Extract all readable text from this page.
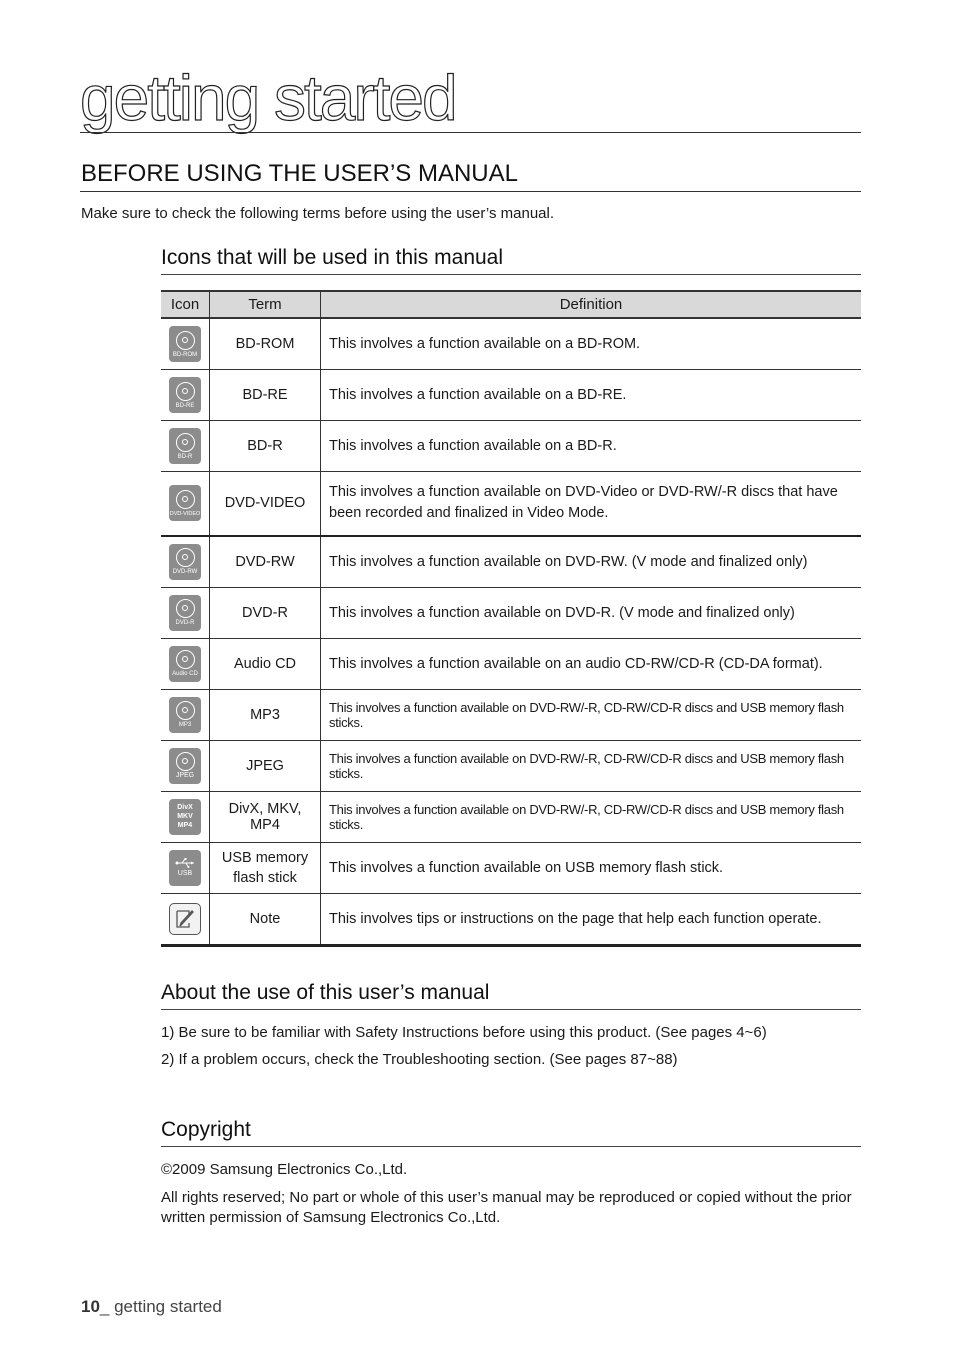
getting started
BEFORE USING THE USER’S MANUAL
Make sure to check the following terms before using the user’s manual.
Icons that will be used in this manual
Icon	Term	Definition

BD-ROM	BD-ROM	This involves a function available on a BD-ROM.

BD-RE	BD-RE	This involves a function available on a BD-RE.

BD-R	BD-R	This involves a function available on a BD-R.

DVD-VIDEO	DVD-VIDEO	This involves a function available on DVD-Video or DVD-RW/-R discs that have been recorded and finalized in Video Mode.

DVD-RW	DVD-RW	This involves a function available on DVD-RW. (V mode and finalized only)

DVD-R	DVD-R	This involves a function available on DVD-R. (V mode and finalized only)

Audio CD	Audio CD	This involves a function available on an audio CD-RW/CD-R (CD-DA format).

MP3	MP3	This involves a function available on DVD-RW/-R, CD-RW/CD-R discs and USB memory flash sticks.

JPEG	JPEG	This involves a function available on DVD-RW/-R, CD-RW/CD-R discs and USB memory flash sticks.

DivX MKV MP4	DivX, MKV, MP4	This involves a function available on DVD-RW/-R, CD-RW/CD-R discs and USB memory flash sticks.

USB	USB memory flash stick	This involves a function available on USB memory flash stick.

	Note	This involves tips or instructions on the page that help each function operate.
About the use of this user’s manual
1) Be sure to be familiar with Safety Instructions before using this product. (See pages 4~6)
2) If a problem occurs, check the Troubleshooting section. (See pages 87~88)
Copyright
©2009 Samsung Electronics Co.,Ltd.
All rights reserved; No part or whole of this user’s manual may be reproduced or copied without the prior written permission of Samsung Electronics Co.,Ltd.
10_ getting started
